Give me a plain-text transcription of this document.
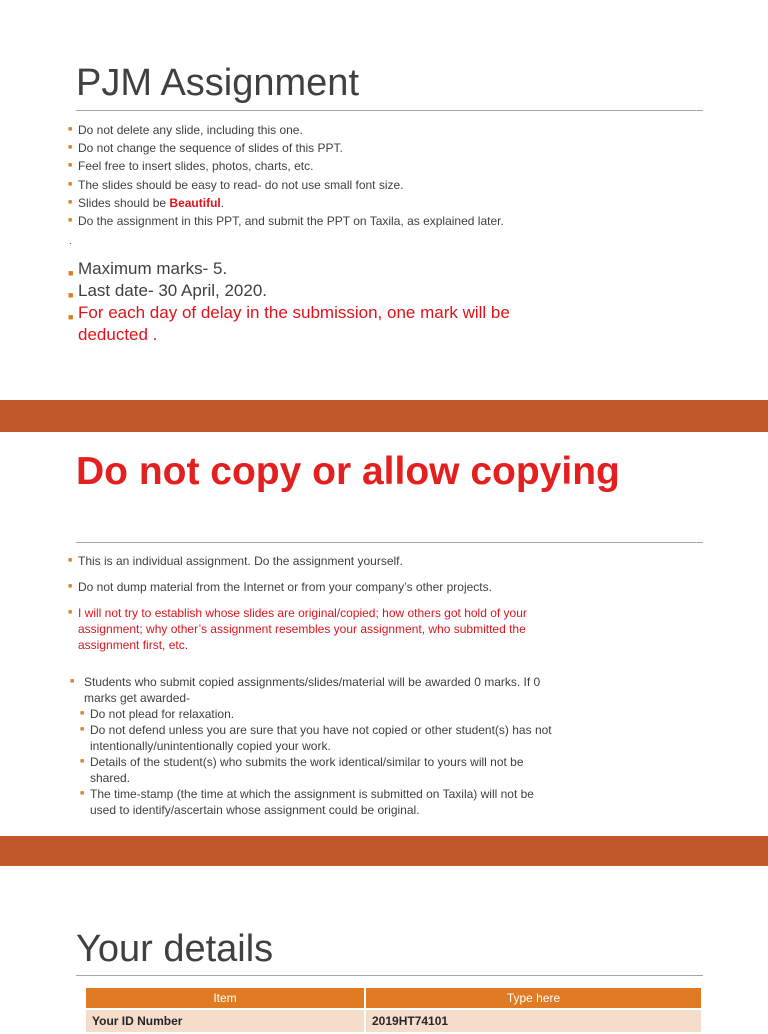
PJM Assignment
■ Do not delete any slide, including this one.
■ Do not change the sequence of slides of this PPT.
■ Feel free to insert slides, photos, charts, etc.
■ The slides should be easy to read- do not use small font size.
■ Slides should be Beautiful.
■ Do the assignment in this PPT, and submit the PPT on Taxila, as explained later.
.
■ Maximum marks- 5.
■ Last date- 30 April, 2020.
■ For each day of delay in the submission, one mark will be deducted .
Do not copy or allow copying
■ This is an individual assignment. Do the assignment yourself.
■ Do not dump material from the Internet or from your company’s other projects.
■ I will not try to establish whose slides are original/copied; how others got hold of your assignment; why other’s assignment resembles your assignment, who submitted the assignment first, etc.
■ Students who submit copied assignments/slides/material will be awarded 0 marks. If 0 marks get awarded-
■ Do not plead for relaxation.
■ Do not defend unless you are sure that you have not copied or other student(s) has not intentionally/unintentionally copied your work.
■ Details of the student(s) who submits the work identical/similar to yours will not be shared.
■ The time-stamp (the time at which the assignment is submitted on Taxila) will not be used to identify/ascertain whose assignment could be original.
Your details
Item	Type here
Your ID Number	2019HT74101
